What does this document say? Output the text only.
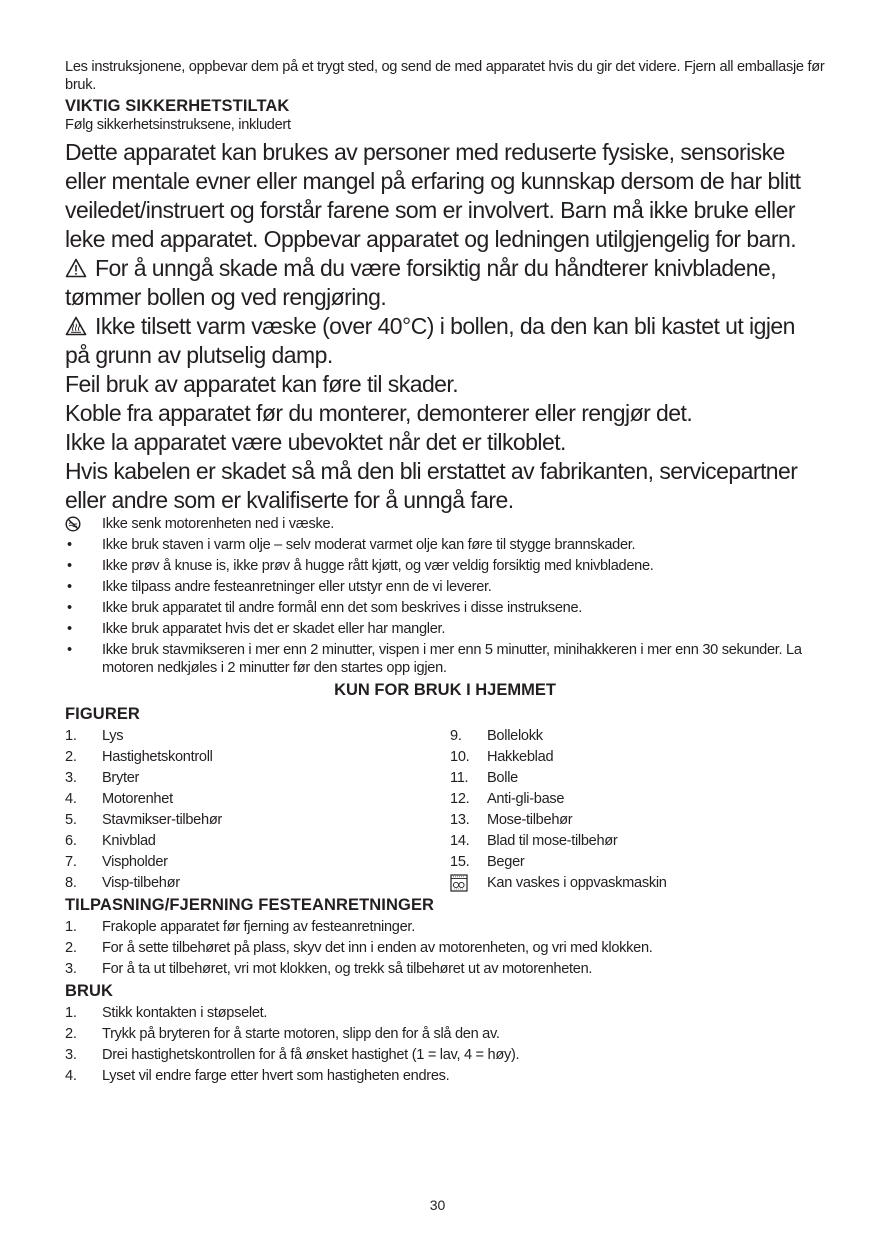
Les instruksjonene, oppbevar dem på et trygt sted, og send de med apparatet hvis du gir det videre. Fjern all emballasje før bruk.

VIKTIG SIKKERHETSTILTAK

Følg sikkerhetsinstruksene, inkludert

Dette apparatet kan brukes av personer med reduserte fysiske, sensoriske eller mentale evner eller mangel på erfaring og kunnskap dersom de har blitt veiledet/instruert og forstår farene som er involvert. Barn må ikke bruke eller leke med apparatet. Oppbevar apparatet og ledningen utilgjengelig for barn.

For å unngå skade må du være forsiktig når du håndterer knivbladene, tømmer bollen og ved rengjøring.

Ikke tilsett varm væske (over 40°C) i bollen, da den kan bli kastet ut igjen på grunn av plutselig damp.

Feil bruk av apparatet kan føre til skader.

Koble fra apparatet før du monterer, demonterer eller rengjør det.

Ikke la apparatet være ubevoktet når det er tilkoblet.

Hvis kabelen er skadet så må den bli erstattet av fabrikanten, servicepartner eller andre som er kvalifiserte for å unngå fare.

Ikke senk motorenheten ned i væske.
•	Ikke bruk staven i varm olje – selv moderat varmet olje kan føre til stygge brannskader.
•	Ikke prøv å knuse is, ikke prøv å hugge rått kjøtt, og vær veldig forsiktig med knivbladene.
•	Ikke tilpass andre festeanretninger eller utstyr enn de vi leverer.
•	Ikke bruk apparatet til andre formål enn det som beskrives i disse instruksene.
•	Ikke bruk apparatet hvis det er skadet eller har mangler.
•	Ikke bruk stavmikseren i mer enn 2 minutter, vispen i mer enn 5 minutter, minihakkeren i mer enn 30 sekunder. La motoren nedkjøles i 2 minutter før den startes opp igjen.

KUN FOR BRUK I HJEMMET

FIGURER

1.	Lys
2.	Hastighetskontroll
3.	Bryter
4.	Motorenhet
5.	Stavmikser-tilbehør
6.	Knivblad
7.	Vispholder
8.	Visp-tilbehør
9.	Bollelokk
10.	Hakkeblad
11.	Bolle
12.	Anti-gli-base
13.	Mose-tilbehør
14.	Blad til mose-tilbehør
15.	Beger
Kan vaskes i oppvaskmaskin

TILPASNING/FJERNING FESTEANRETNINGER

1.	Frakople apparatet før fjerning av festeanretninger.
2.	For å sette tilbehøret på plass, skyv det inn i enden av motorenheten, og vri med klokken.
3.	For å ta ut tilbehøret, vri mot klokken, og trekk så tilbehøret ut av motorenheten.

BRUK

1.	Stikk kontakten i støpselet.
2.	Trykk på bryteren for å starte motoren, slipp den for å slå den av.
3.	Drei hastighetskontrollen for å få ønsket hastighet (1 = lav, 4 = høy).
4.	Lyset vil endre farge etter hvert som hastigheten endres.
30
